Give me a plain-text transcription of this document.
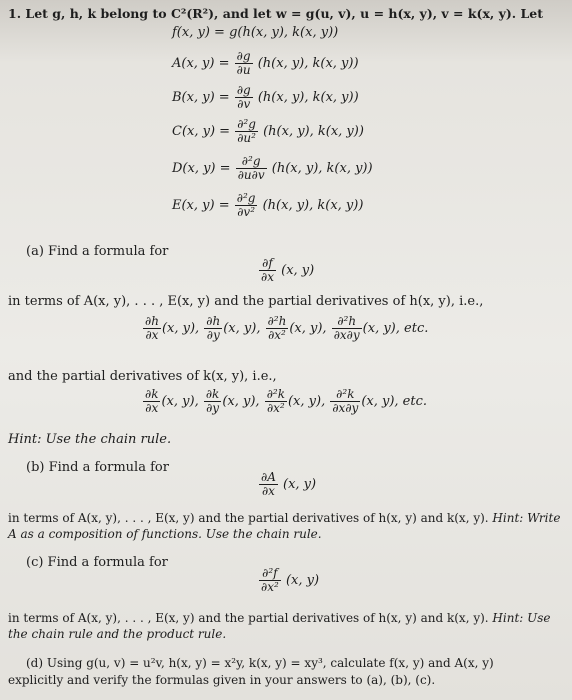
1. Let g, h, k belong to C²(R²), and let w = g(u, v), u = h(x, y), v = k(x, y). Let
f(x, y) = g(h(x, y), k(x, y))
A(x, $y) = \frac{\partial g}{\partial u} (h(x$, y), k(x, y))
B(x, $y) = \frac{\partial g}{\partial v} (h(x$, y), k(x, y))
C(x, $y) = \frac{\text{∂²g}}{\text{∂u²}} (h(x$, y), k(x, y))
D(x, $y) = \frac{\text{∂²g}}{\partial u\partial v} (h(x$, y), k(x, y))
E(x, $y) = \frac{\text{∂²g}}{\text{∂v²}} (h(x$, y), k(x, y))
(a) Find a formula for
$\frac{\partial f}{\partial x} (x$, y)
in terms of A(x, y), . . . , E(x, y) and the partial derivatives of h(x, y), i.e.,
$\frac{\partial h}{\partial x} (x$, y), $\frac{\partial h}{\partial y} (x$, y), $\frac{\text{∂²h}}{\text{∂x²}} (x$, y), $\frac{\text{∂²h}}{\partial x\partial y} (x$, y), etc.
and the partial derivatives of k(x, y), i.e.,
$\frac{\partial k}{\partial x} (x$, y), $\frac{\partial k}{\partial y} (x$, y), $\frac{\text{∂²k}}{\text{∂x²}} (x$, y), $\frac{\text{∂²k}}{\partial x\partial y} (x$, y), etc.
Hint: Use the chain rule.
(b) Find a formula for
$\frac{\partial A}{\partial x} (x$, y)
in terms of A(x, y), . . . , E(x, y) and the partial derivatives of h(x, y) and k(x, y). Hint: Write
A as a composition of functions. Use the chain rule.
(c) Find a formula for
$\frac{\text{∂²f}}{\text{∂x²}} (x$, y)
in terms of A(x, y), . . . , E(x, y) and the partial derivatives of h(x, y) and k(x, y). Hint: Use
the chain rule and the product rule.
(d) Using g(u, v) = u²v, h(x, y) = x²y, k(x, y) = xy³, calculate f(x, y) and A(x, y)
explicitly and verify the formulas given in your answers to (a), (b), (c).
